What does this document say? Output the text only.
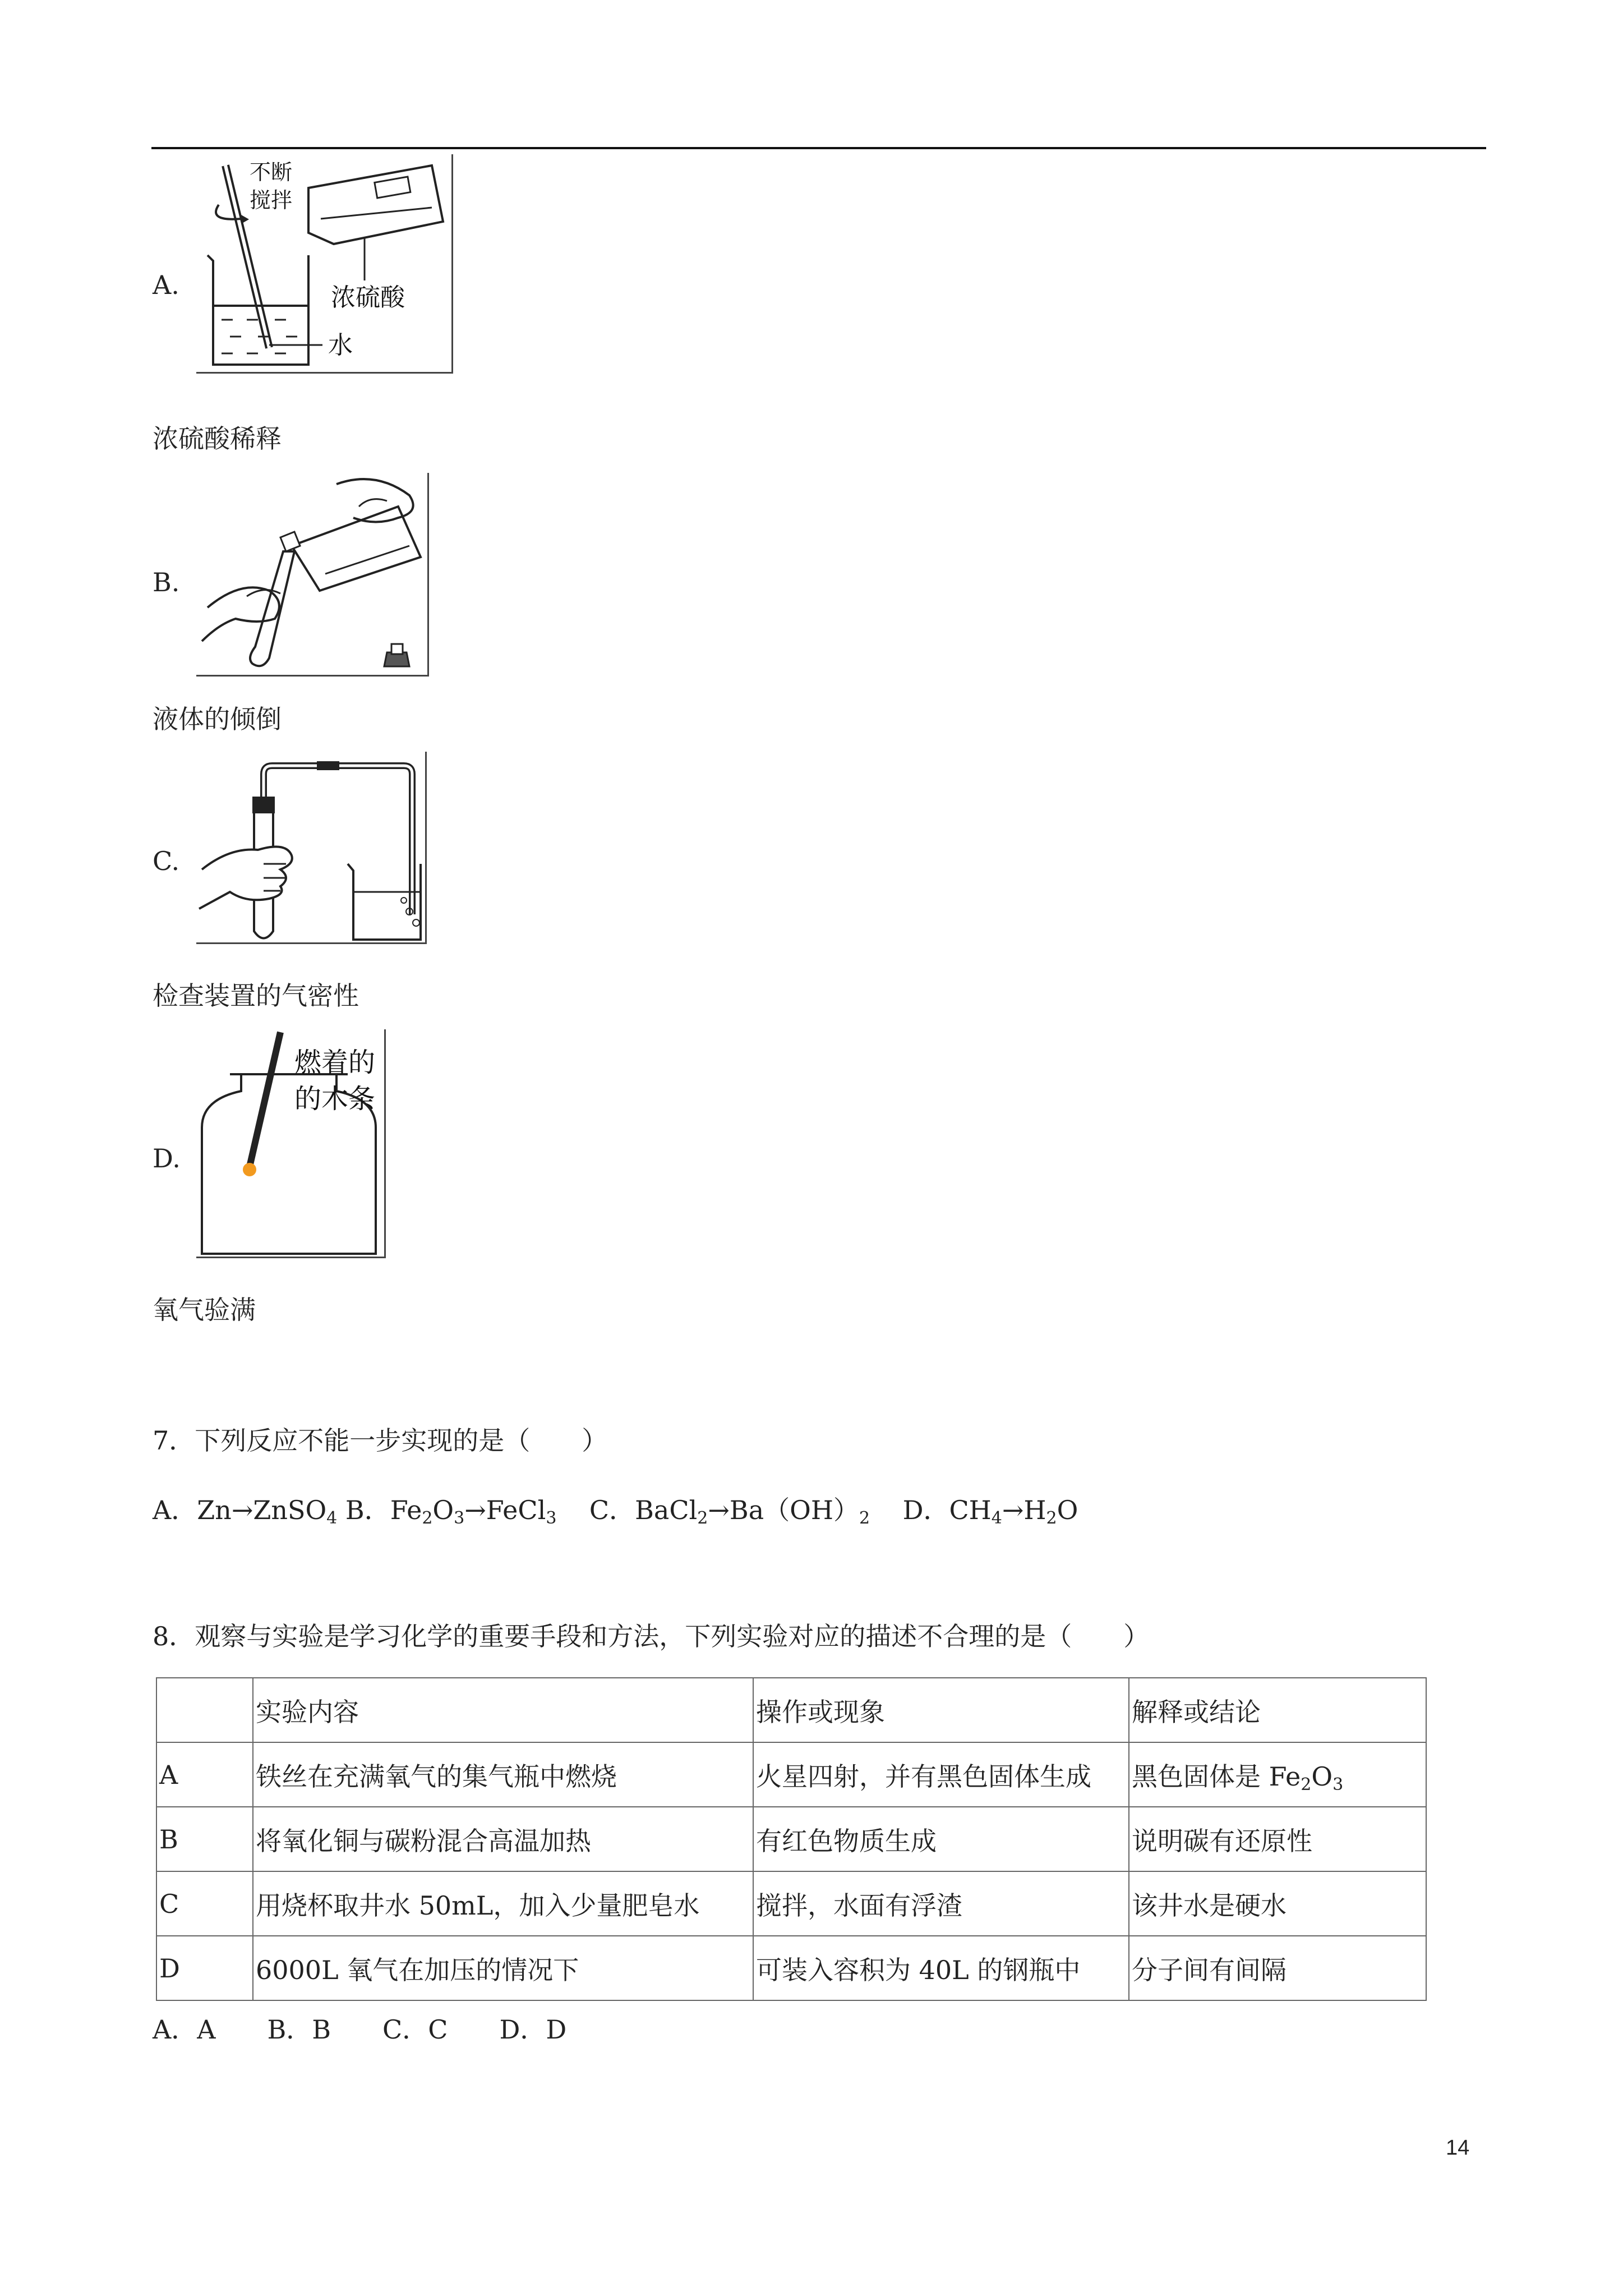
A.
不断
搅拌
浓硫酸
水
浓硫酸稀释
B.
液体的倾倒
C.
检查装置的气密性
D.
燃着的
的木条
氧气验满
7．下列反应不能一步实现的是（　　）
A．Zn→ZnSO$_4$ B．$Fe_2O_3\to FeCl_3$ C．$BaCl_2\to Ba(OH)_2$ D．$CH_4\to H_2O$
8．观察与实验是学习化学的重要手段和方法，下列实验对应的描述不合理的是（　　）
	实验内容	操作或现象	解释或结论
A	铁丝在充满氧气的集气瓶中燃烧	火星四射，并有黑色固体生成	黑色固体是 $Fe_2O_3$
B	将氧化铜与碳粉混合高温加热	有红色物质生成	说明碳有还原性
C	用烧杯取井水 50mL，加入少量肥皂水	搅拌，水面有浮渣	该井水是硬水
D	6000L 氧气在加压的情况下	可装入容积为 40L 的钢瓶中	分子间有间隔
A．A　　B．B　　C．C　　D．D
14
